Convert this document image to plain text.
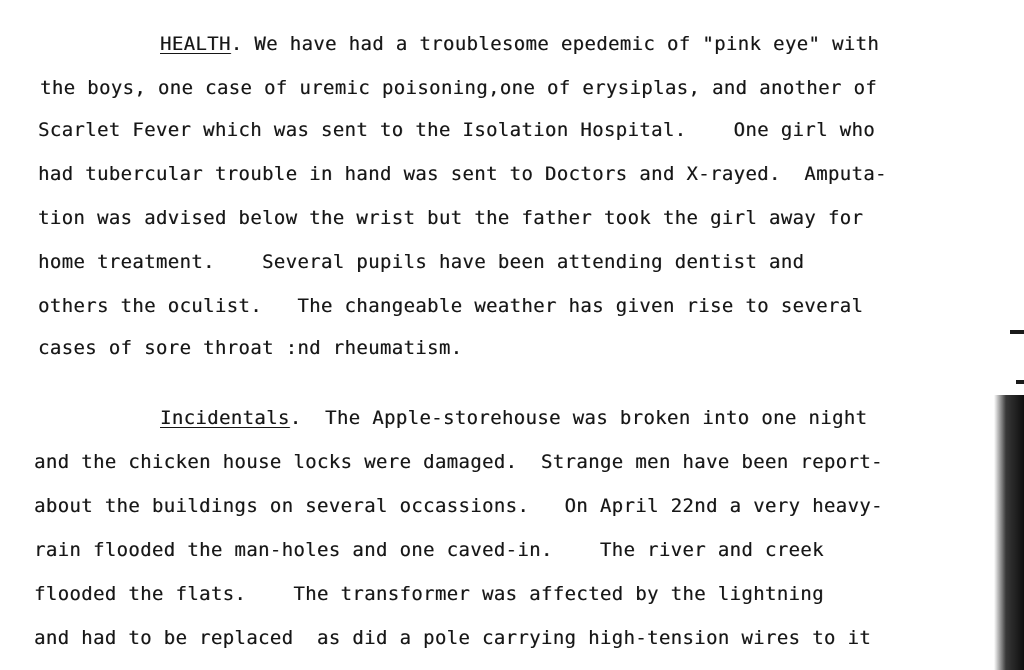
HEALTH. We have had a troublesome epedemic of "pink eye" with
the boys, one case of uremic poisoning,one of erysiplas, and another of
Scarlet Fever which was sent to the Isolation Hospital.    One girl who
had tubercular trouble in hand was sent to Doctors and X-rayed.  Amputa-
tion was advised below the wrist but the father took the girl away for
home treatment.    Several pupils have been attending dentist and
others the oculist.   The changeable weather has given rise to several
cases of sore throat :nd rheumatism.
Incidentals.  The Apple-storehouse was broken into one night
and the chicken house locks were damaged.  Strange men have been report-
about the buildings on several occassions.   On April 22nd a very heavy-
rain flooded the man-holes and one caved-in.    The river and creek
flooded the flats.    The transformer was affected by the lightning
and had to be replaced  as did a pole carrying high-tension wires to it
